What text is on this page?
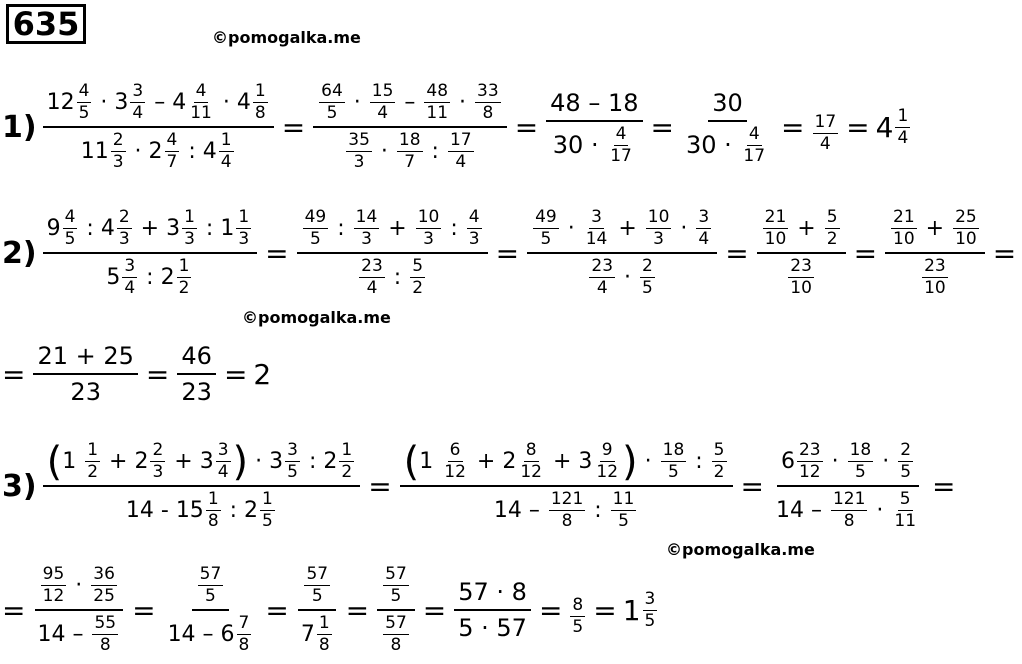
635	©pomogalka.me
©pomogalka.me
©pomogalka.me
1) 12 4
5 · 3 3
4 – 4 4
11 · 4 1
8
11 2
3 · 2 4
7 : 4 1
4 = 64
5 · 15
4 – 48
11 · 33
8
35
3 · 18
7 : 17
4 = 48 – 18
30 · 4
17 = 30
30 · 4
$17 = \frac{17}{4} = 4$ 1
4
2) 9 4
5 : 4 2
3 + 3 1
3 : 1 1
3
5 3
4 : 2 1
2 = 49
5 : 14
3 + 10
3 : 4
3
23
4 : 5
2 = 49
5 · 3
14 + 10
3 · 3
4
23
4 · 2
5 = 21
10 + 5
2
23
10 = 21
10 + 25
10
23
10 =
= $\frac{21 + 25}{23} = \frac{46}{23} = 2$
3) ( 1 1
2 + 2 2
3 + 3 3
4 ) · 3 3
5 : 2 1
2
14 - 15 1
8 : 2 1
5 = ( 1 6
12 + 2 8
12 + 3 9
12 ) · 18
5 : 5
2
14 – 121
8 : 11
5 = 6 23
12 · 18
5 · 2
5
14 – 121
8 · 5
11 =
= 95
12 · 36
25
14 – 55
8 = 57
5
14 – 6 7
8 = 57
5
7 1
8 = 57
5
57
$8 = \frac{57 \cdot 8}{5 \cdot 57} = \frac{8}{5} = 1$ 3
5
